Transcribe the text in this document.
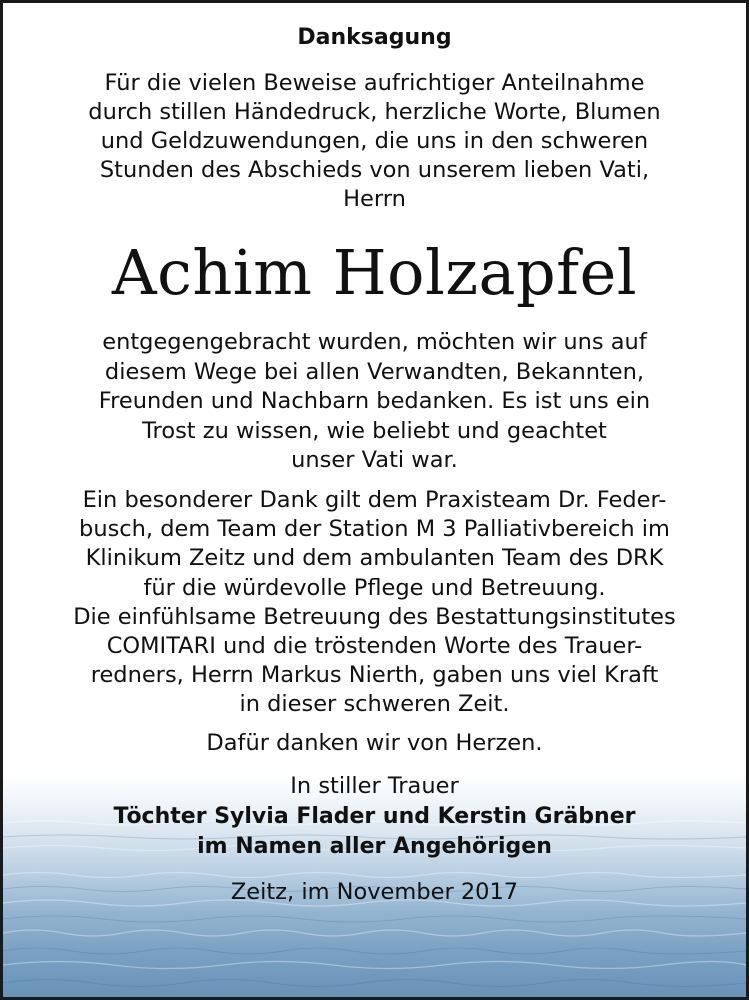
Danksagung
Für die vielen Beweise aufrichtiger Anteilnahme
durch stillen Händedruck, herzliche Worte, Blumen
und Geldzuwendungen, die uns in den schweren
Stunden des Abschieds von unserem lieben Vati,
Herrn
Achim Holzapfel
entgegengebracht wurden, möchten wir uns auf
diesem Wege bei allen Verwandten, Bekannten,
Freunden und Nachbarn bedanken. Es ist uns ein
Trost zu wissen, wie beliebt und geachtet
unser Vati war.
Ein besonderer Dank gilt dem Praxisteam Dr. Feder-
busch, dem Team der Station M 3 Palliativbereich im
Klinikum Zeitz und dem ambulanten Team des DRK
für die würdevolle Pflege und Betreuung.
Die einfühlsame Betreuung des Bestattungsinstitutes
COMITARI und die tröstenden Worte des Trauer-
redners, Herrn Markus Nierth, gaben uns viel Kraft
in dieser schweren Zeit.
Dafür danken wir von Herzen.
In stiller Trauer
Töchter Sylvia Flader und Kerstin Gräbner
im Namen aller Angehörigen
Zeitz, im November 2017
